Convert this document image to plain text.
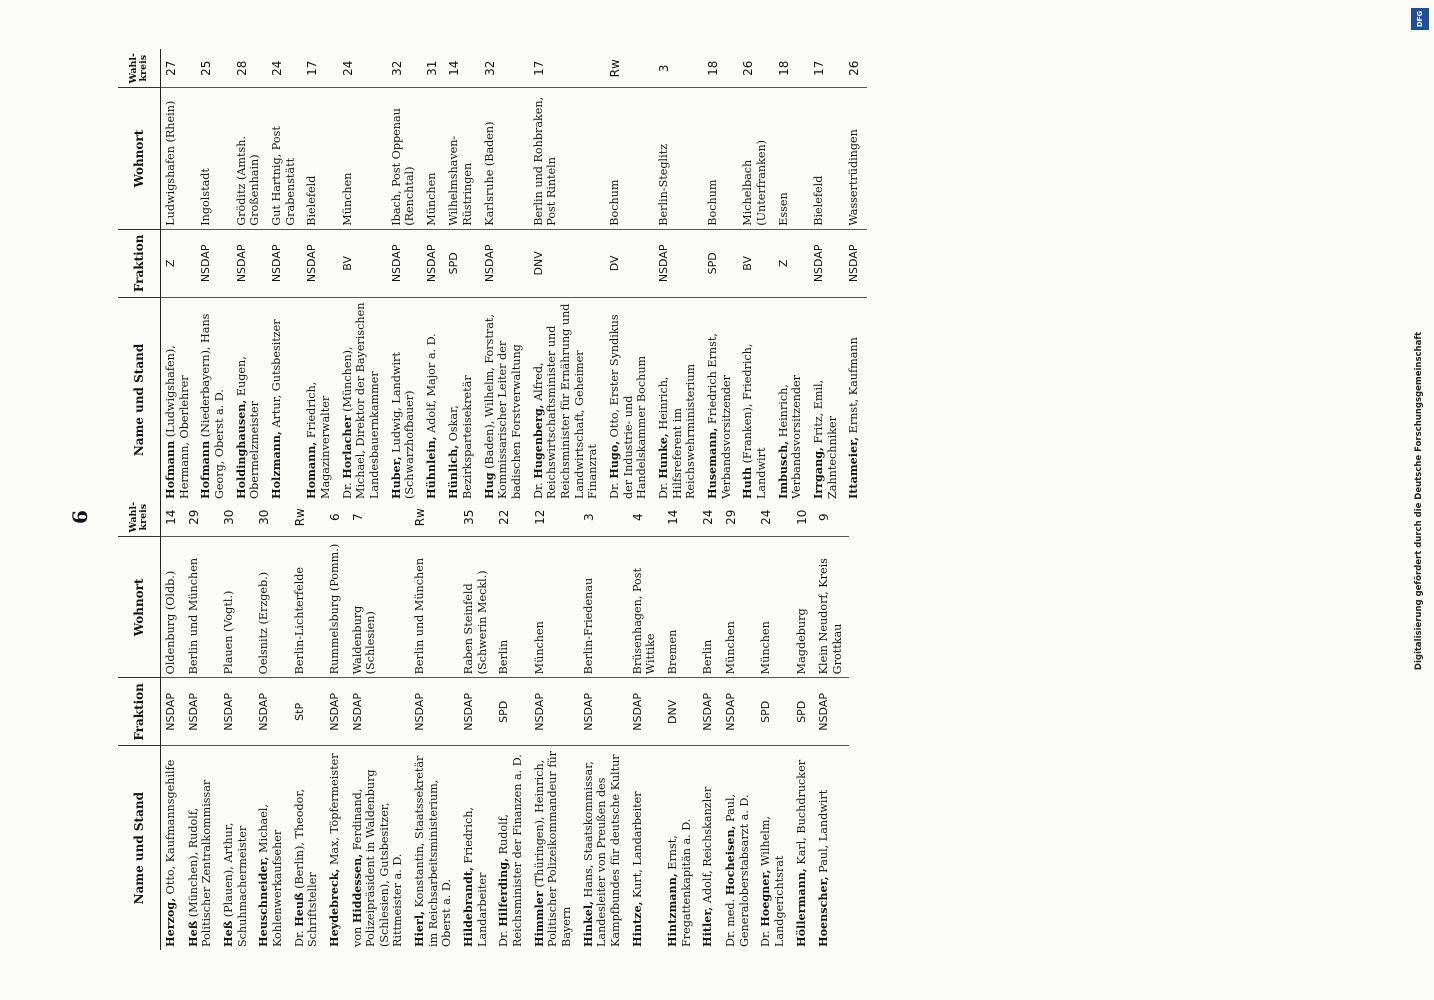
6
Name und Stand	Fraktion	Wohnort	Wahl-kreis
Herzog, Otto, Kaufmannsgehilfe	NSDAP	Oldenburg (Oldb.)	14
Heß (München), Rudolf, Politischer Zentralkommissar	NSDAP	Berlin und München	29
Heß (Plauen), Arthur, Schuhmachermeister	NSDAP	Plauen (Vogtl.)	30
Heuschneider, Michael, Kohlenwerkaufseher	NSDAP	Oelsnitz (Erzgeb.)	30
Dr. Heuß (Berlin), Theodor, Schriftsteller	StP	Berlin-Lichterfelde	Rw
Heydebreck, Max, Töpfermeister	NSDAP	Rummelsburg (Pomm.)	6
von Hiddessen, Ferdinand, Polizeipräsident in Waldenburg (Schlesien), Gutsbesitzer, Rittmeister a. D.	NSDAP	Waldenburg (Schlesien)	7
Hierl, Konstantin, Staatssekretär im Reichsarbeitsministerium, Oberst a. D.	NSDAP	Berlin und München	Rw
Hildebrandt, Friedrich, Landarbeiter	NSDAP	Raben Steinfeld (Schwerin Meckl.)	35
Dr. Hilferding, Rudolf, Reichsminister der Finanzen a. D.	SPD	Berlin	22
Himmler (Thüringen), Heinrich, Politischer Polizeikommandeur für Bayern	NSDAP	München	12
Hinkel, Hans, Staatskommissar, Landesleiter von Preußen des Kampfbundes für deutsche Kultur	NSDAP	Berlin-Friedenau	3
Hintze, Kurt, Landarbeiter	NSDAP	Brüsenhagen, Post Wittike	4
Hintzmann, Ernst, Fregattenkapitän a. D.	DNV	Bremen	14
Hitler, Adolf, Reichskanzler	NSDAP	Berlin	24
Dr. med. Hocheisen, Paul, Generaloberstabsarzt a. D.	NSDAP	München	29
Dr. Hoegner, Wilhelm, Landgerichtsrat	SPD	München	24
Höllermann, Karl, Buchdrucker	SPD	Magdeburg	10
Hoenscher, Paul, Landwirt	NSDAP	Klein Neudorf, Kreis Grottkau	9
Name und Stand	Fraktion	Wohnort	Wahl-kreis
Hofmann (Ludwigshafen), Hermann, Oberlehrer	Z	Ludwigshafen (Rhein)	27
Hofmann (Niederbayern), Hans Georg, Oberst a. D.	NSDAP	Ingolstadt	25
Holdinghausen, Eugen, Obermelzmeister	NSDAP	Gröditz (Amtsh. Großenhain)	28
Holzmann, Artur, Gutsbesitzer	NSDAP	Gut Hartnig, Post Grabenstätt	24
Homann, Friedrich, Magazinverwalter	NSDAP	Bielefeld	17
Dr. Horlacher (München), Michael, Direktor der Bayerischen Landesbauernkammer	BV	München	24
Huber, Ludwig, Landwirt (Schwarzhofbauer)	NSDAP	Ibach, Post Oppenau (Renchtal)	32
Hühnlein, Adolf, Major a. D.	NSDAP	München	31
Hünlich, Oskar, Bezirksparteisekretär	SPD	Wilhelmshaven-Rüstringen	14
Hug (Baden), Wilhelm, Forstrat, Kommissarischer Leiter der badischen Forstverwaltung	NSDAP	Karlsruhe (Baden)	32
Dr. Hugenberg, Alfred, Reichswirtschaftsminister und Reichsminister für Ernährung und Landwirtschaft, Geheimer Finanzrat	DNV	Berlin und Rohbraken, Post Rinteln	17
Dr. Hugo, Otto, Erster Syndikus der Industrie- und Handelskammer Bochum	DV	Bochum	Rw
Dr. Hunke, Heinrich, Hilfsreferent im Reichswehrministerium	NSDAP	Berlin-Steglitz	3
Husemann, Friedrich Ernst, Verbandsvorsitzender	SPD	Bochum	18
Huth (Franken), Friedrich, Landwirt	BV	Michelbach (Unterfranken)	26
Imbusch, Heinrich, Verbandsvorsitzender	Z	Essen	18
Irrgang, Fritz, Emil, Zahntechniker	NSDAP	Bielefeld	17
Ittameier, Ernst, Kaufmann	NSDAP	Wassertrüdingen	26
DFG
Digitalisierung gefördert durch die Deutsche Forschungsgemeinschaft
